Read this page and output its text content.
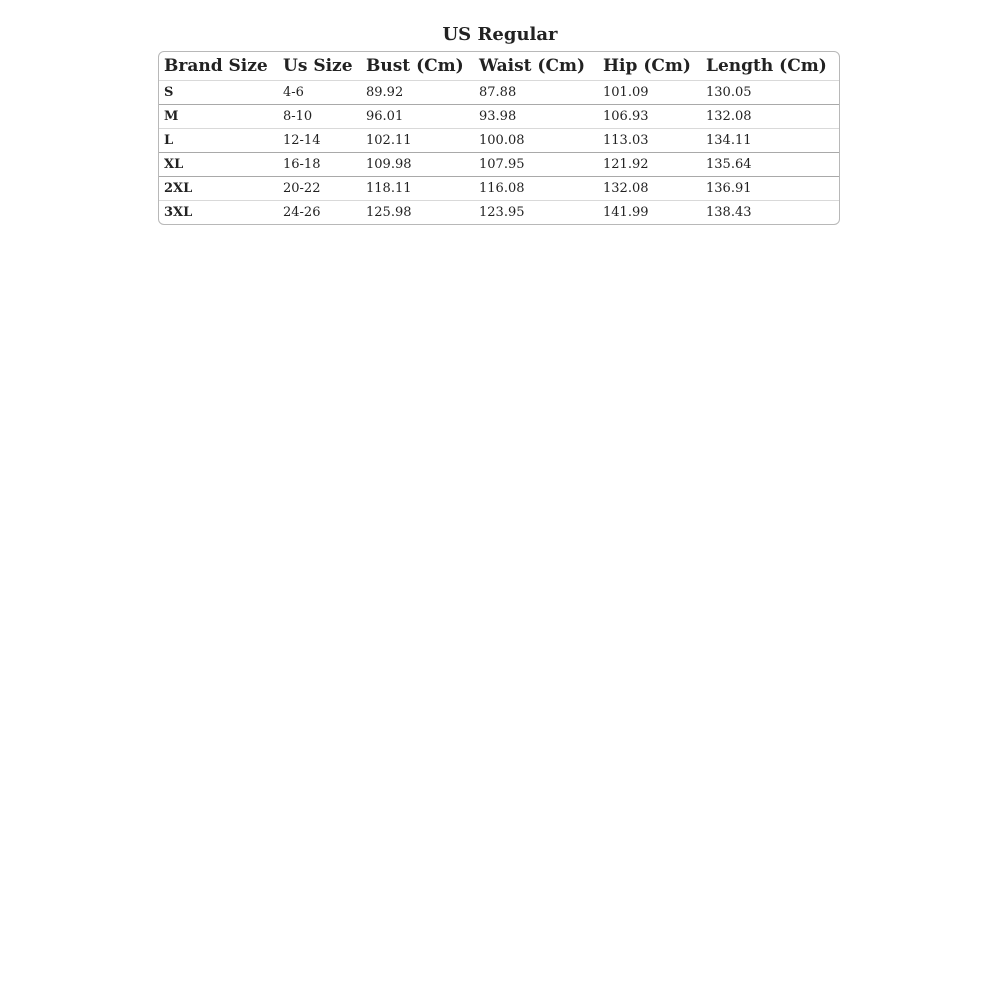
US Regular
Brand Size	Us Size	Bust (Cm)	Waist (Cm)	Hip (Cm)	Length (Cm)
S	4-6	89.92	87.88	101.09	130.05
M	8-10	96.01	93.98	106.93	132.08
L	12-14	102.11	100.08	113.03	134.11
XL	16-18	109.98	107.95	121.92	135.64
2XL	20-22	118.11	116.08	132.08	136.91
3XL	24-26	125.98	123.95	141.99	138.43
